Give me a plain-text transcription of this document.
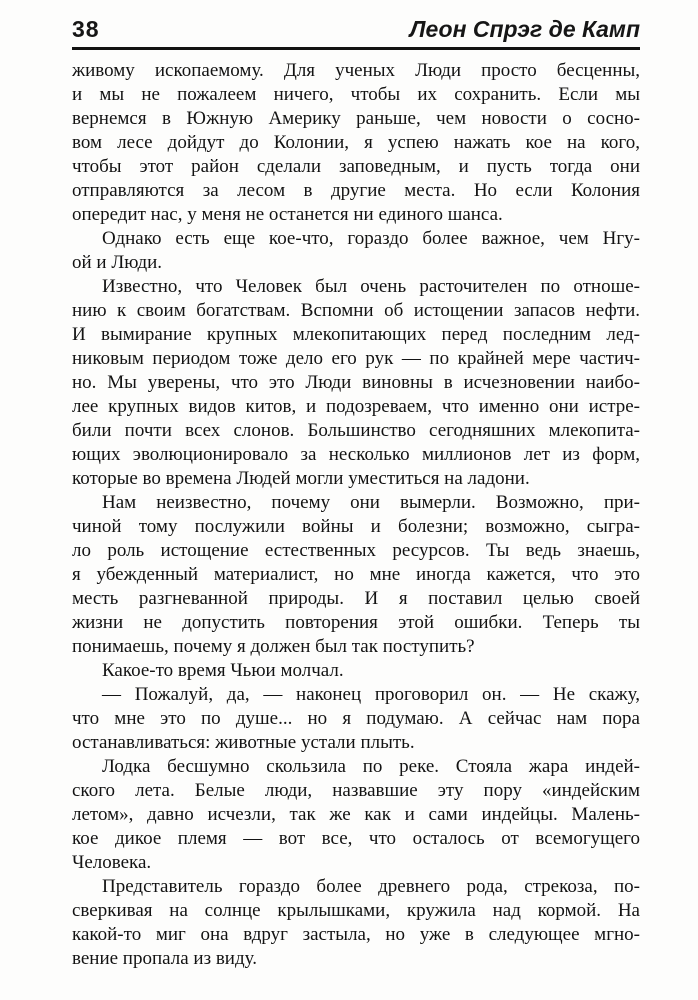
38	Леон Спрэг де Камп
живому ископаемому. Для ученых Люди просто бесценны,
и мы не пожалеем ничего, чтобы их сохранить. Если мы
вернемся в Южную Америку раньше, чем новости о сосно-
вом лесе дойдут до Колонии, я успею нажать кое на кого,
чтобы этот район сделали заповедным, и пусть тогда они
отправляются за лесом в другие места. Но если Колония
опередит нас, у меня не останется ни единого шанса.
Однако есть еще кое-что, гораздо более важное, чем Нгу-
ой и Люди.
Известно, что Человек был очень расточителен по отноше-
нию к своим богатствам. Вспомни об истощении запасов нефти.
И вымирание крупных млекопитающих перед последним лед-
никовым периодом тоже дело его рук — по крайней мере частич-
но. Мы уверены, что это Люди виновны в исчезновении наибо-
лее крупных видов китов, и подозреваем, что именно они истре-
били почти всех слонов. Большинство сегодняшних млекопита-
ющих эволюционировало за несколько миллионов лет из форм,
которые во времена Людей могли уместиться на ладони.
Нам неизвестно, почему они вымерли. Возможно, при-
чиной тому послужили войны и болезни; возможно, сыгра-
ло роль истощение естественных ресурсов. Ты ведь знаешь,
я убежденный материалист, но мне иногда кажется, что это
месть разгневанной природы. И я поставил целью своей
жизни не допустить повторения этой ошибки. Теперь ты
понимаешь, почему я должен был так поступить?
Какое-то время Чьюи молчал.
— Пожалуй, да, — наконец проговорил он. — Не скажу,
что мне это по душе... но я подумаю. А сейчас нам пора
останавливаться: животные устали плыть.
Лодка бесшумно скользила по реке. Стояла жара индей-
ского лета. Белые люди, назвавшие эту пору «индейским
летом», давно исчезли, так же как и сами индейцы. Малень-
кое дикое племя — вот все, что осталось от всемогущего
Человека.
Представитель гораздо более древнего рода, стрекоза, по-
сверкивая на солнце крылышками, кружила над кормой. На
какой-то миг она вдруг застыла, но уже в следующее мгно-
вение пропала из виду.
